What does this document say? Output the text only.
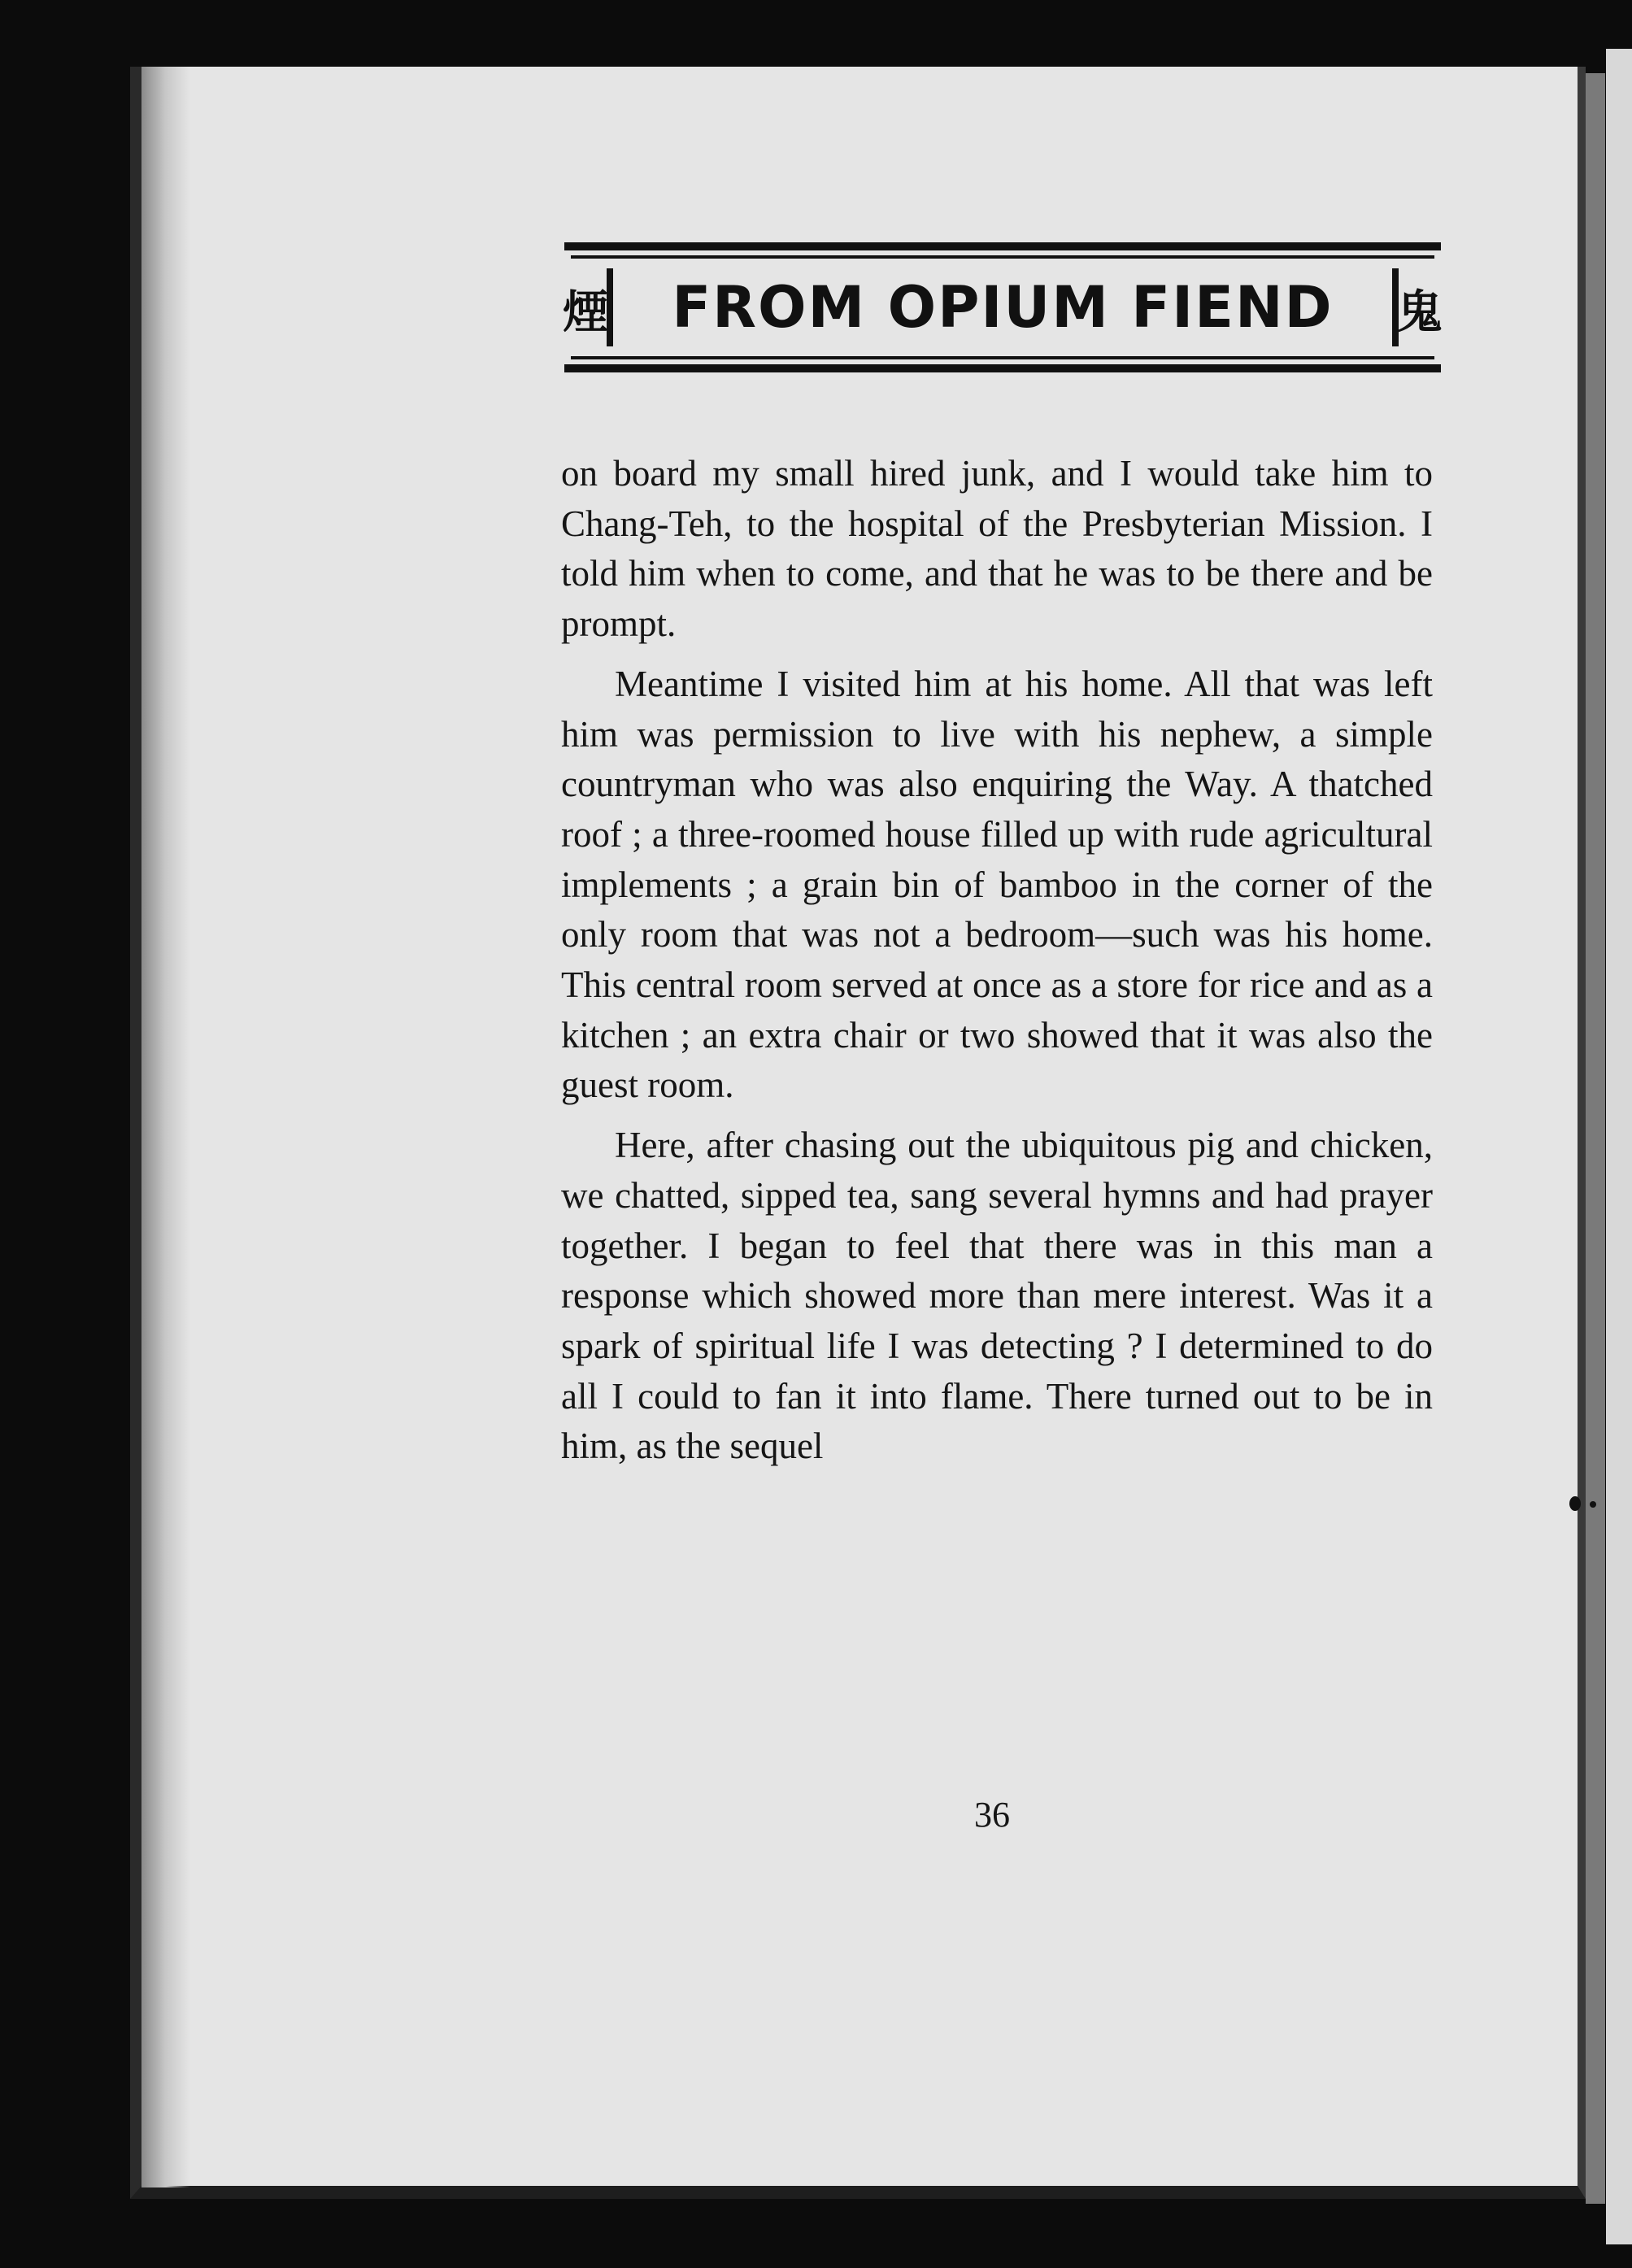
煙 FROM OPIUM FIEND 鬼

on board my small hired junk, and I would take him to Chang-Teh, to the hospital of the Presbyterian Mission. I told him when to come, and that he was to be there and be prompt.

Meantime I visited him at his home. All that was left him was permission to live with his nephew, a simple countryman who was also enquiring the Way. A thatched roof ; a three-roomed house filled up with rude agricultural implements ; a grain bin of bamboo in the corner of the only room that was not a bedroom—such was his home. This central room served at once as a store for rice and as a kitchen ; an extra chair or two showed that it was also the guest room.

Here, after chasing out the ubiquitous pig and chicken, we chatted, sipped tea, sang several hymns and had prayer together. I began to feel that there was in this man a response which showed more than mere interest. Was it a spark of spiritual life I was detecting ? I determined to do all I could to fan it into flame. There turned out to be in him, as the sequel

36
